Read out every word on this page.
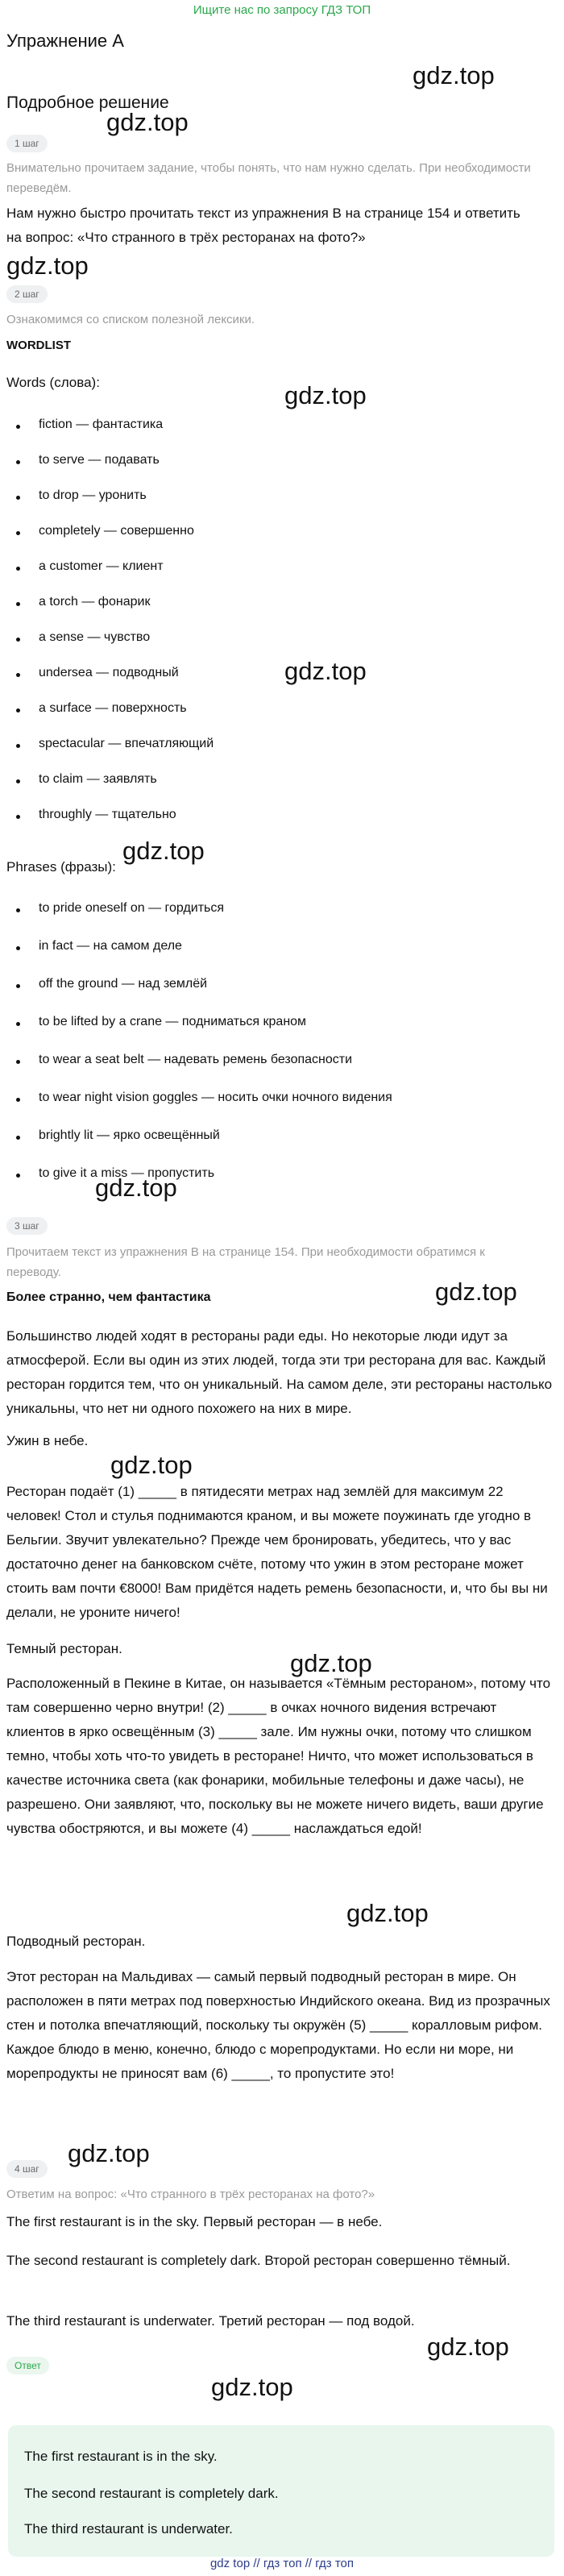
Ищите нас по запросу ГДЗ ТОП
Упражнение A
gdz.top
Подробное решение
gdz.top
1 шаг
Внимательно прочитаем задание, чтобы понять, что нам нужно сделать. При необходимости переведём.
Нам нужно быстро прочитать текст из упражнения B на странице 154 и ответить на вопрос: «Что странного в трёх ресторанах на фото?»
gdz.top
2 шаг
Ознакомимся со списком полезной лексики.
WORDLIST
Words (слова):
fiction — фантастика
to serve — подавать
to drop — уронить
completely — совершенно
a customer — клиент
a torch — фонарик
a sense — чувство
undersea — подводный
a surface — поверхность
spectacular — впечатляющий
to claim — заявлять
throughly — тщательно
gdz.top
gdz.top
Phrases (фразы):
gdz.top
to pride oneself on — гордиться
in fact — на самом деле
off the ground — над землёй
to be lifted by a crane — подниматься краном
to wear a seat belt — надевать ремень безопасности
to wear night vision goggles — носить очки ночного видения
brightly lit — ярко освещённый
to give it a miss — пропустить
gdz.top
3 шаг
Прочитаем текст из упражнения B на странице 154. При необходимости обратимся к переводу.
Более странно, чем фантастика	gdz.top
Большинство людей ходят в рестораны ради еды. Но некоторые люди идут за атмосферой. Если вы один из этих людей, тогда эти три ресторана для вас. Каждый ресторан гордится тем, что он уникальный. На самом деле, эти рестораны настолько уникальны, что нет ни одного похожего на них в мире.
Ужин в небе.
gdz.top
Ресторан подаёт (1) _____ в пятидесяти метрах над землёй для максимум 22 человек! Стол и стулья поднимаются краном, и вы можете поужинать где угодно в Бельгии. Звучит увлекательно? Прежде чем бронировать, убедитесь, что у вас достаточно денег на банковском счёте, потому что ужин в этом ресторане может стоить вам почти €8000! Вам придётся надеть ремень безопасности, и, что бы вы ни делали, не уроните ничего!
Темный ресторан.
gdz.top
Расположенный в Пекине в Китае, он называется «Тёмным рестораном», потому что там совершенно черно внутри! (2) _____ в очках ночного видения встречают клиентов в ярко освещённым (3) _____ зале. Им нужны очки, потому что слишком темно, чтобы хоть что-то увидеть в ресторане! Ничто, что может использоваться в качестве источника света (как фонарики, мобильные телефоны и даже часы), не разрешено. Они заявляют, что, поскольку вы не можете ничего видеть, ваши другие чувства обостряются, и вы можете (4) _____ наслаждаться едой!
gdz.top
Подводный ресторан.
Этот ресторан на Мальдивах — самый первый подводный ресторан в мире. Он расположен в пяти метрах под поверхностью Индийского океана. Вид из прозрачных стен и потолка впечатляющий, поскольку ты окружён (5) _____ коралловым рифом. Каждое блюдо в меню, конечно, блюдо с морепродуктами. Но если ни море, ни морепродукты не приносят вам (6) _____, то пропустите это!
gdz.top
4 шаг
Ответим на вопрос: «Что странного в трёх ресторанах на фото?»
The first restaurant is in the sky. Первый ресторан — в небе.
The second restaurant is completely dark. Второй ресторан совершенно тёмный.
The third restaurant is underwater. Третий ресторан — под водой.
gdz.top
Ответ
gdz.top
The first restaurant is in the sky.
The second restaurant is completely dark.
The third restaurant is underwater.
gdz top // гдз топ // гдз топ
